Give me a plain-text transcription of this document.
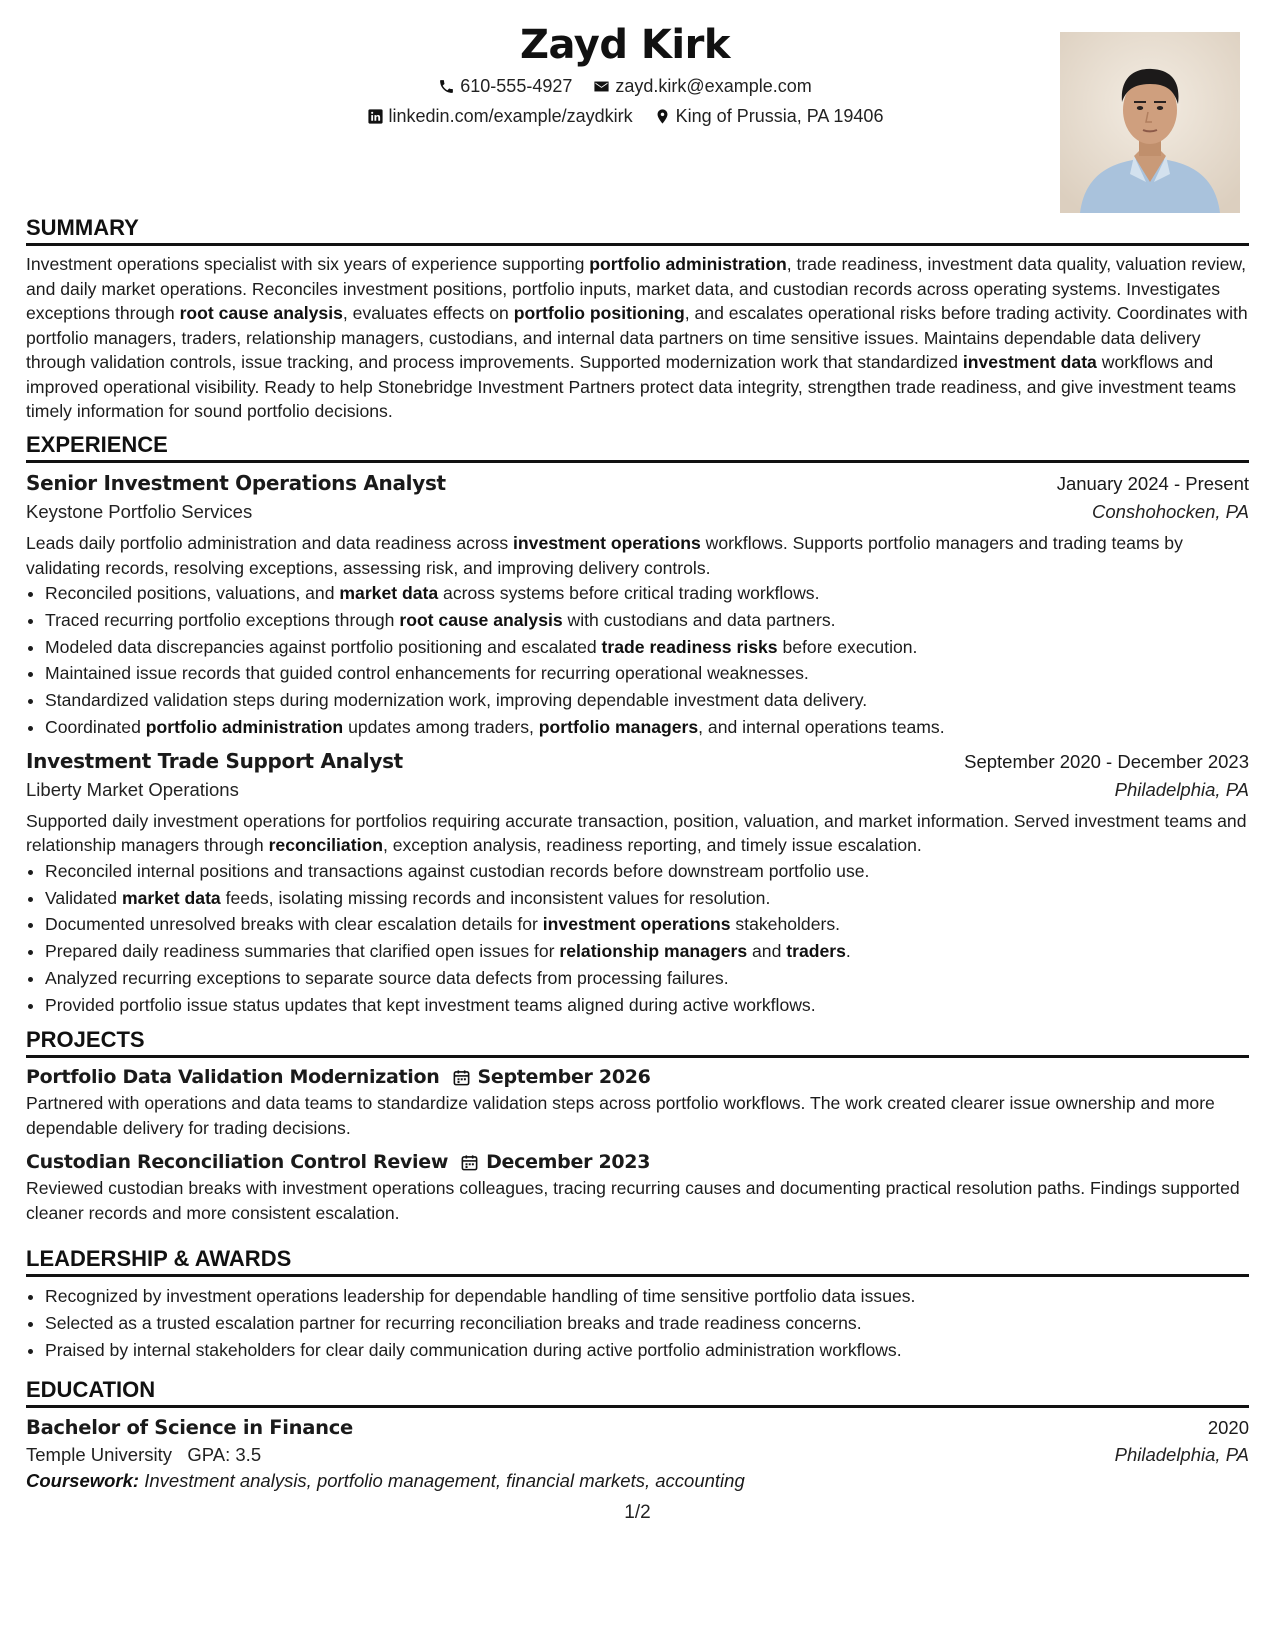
Zayd Kirk
610-555-4927
zayd.kirk@example.com
linkedin.com/example/zaydkirk
King of Prussia, PA 19406
SUMMARY

Investment operations specialist with six years of experience supporting portfolio administration, trade readiness, investment data quality, valuation review, and daily market operations. Reconciles investment positions, portfolio inputs, market data, and custodian records across operating systems. Investigates exceptions through root cause analysis, evaluates effects on portfolio positioning, and escalates operational risks before trading activity. Coordinates with portfolio managers, traders, relationship managers, custodians, and internal data partners on time sensitive issues. Maintains dependable data delivery through validation controls, issue tracking, and process improvements. Supported modernization work that standardized investment data workflows and improved operational visibility. Ready to help Stonebridge Investment Partners protect data integrity, strengthen trade readiness, and give investment teams timely information for sound portfolio decisions.

EXPERIENCE
Senior Investment Operations Analyst	January 2024 - Present
Keystone Portfolio Services	Conshohocken, PA

Leads daily portfolio administration and data readiness across investment operations workflows. Supports portfolio managers and trading teams by validating records, resolving exceptions, assessing risk, and improving delivery controls.

• Reconciled positions, valuations, and market data across systems before critical trading workflows.
• Traced recurring portfolio exceptions through root cause analysis with custodians and data partners.
• Modeled data discrepancies against portfolio positioning and escalated trade readiness risks before execution.
• Maintained issue records that guided control enhancements for recurring operational weaknesses.
• Standardized validation steps during modernization work, improving dependable investment data delivery.
• Coordinated portfolio administration updates among traders, portfolio managers, and internal operations teams.
Investment Trade Support Analyst	September 2020 - December 2023
Liberty Market Operations	Philadelphia, PA

Supported daily investment operations for portfolios requiring accurate transaction, position, valuation, and market information. Served investment teams and relationship managers through reconciliation, exception analysis, readiness reporting, and timely issue escalation.

• Reconciled internal positions and transactions against custodian records before downstream portfolio use.
• Validated market data feeds, isolating missing records and inconsistent values for resolution.
• Documented unresolved breaks with clear escalation details for investment operations stakeholders.
• Prepared daily readiness summaries that clarified open issues for relationship managers and traders.
• Analyzed recurring exceptions to separate source data defects from processing failures.
• Provided portfolio issue status updates that kept investment teams aligned during active workflows.
PROJECTS
Portfolio Data Validation Modernization September 2026

Partnered with operations and data teams to standardize validation steps across portfolio workflows. The work created clearer issue ownership and more dependable delivery for trading decisions.

Custodian Reconciliation Control Review December 2023

Reviewed custodian breaks with investment operations colleagues, tracing recurring causes and documenting practical resolution paths. Findings supported cleaner records and more consistent escalation.

LEADERSHIP & AWARDS
• Recognized by investment operations leadership for dependable handling of time sensitive portfolio data issues.
• Selected as a trusted escalation partner for recurring reconciliation breaks and trade readiness concerns.
• Praised by internal stakeholders for clear daily communication during active portfolio administration workflows.
EDUCATION
Bachelor of Science in Finance	2020
Temple University GPA: 3.5	Philadelphia, PA
Coursework: Investment analysis, portfolio management, financial markets, accounting
1/2
